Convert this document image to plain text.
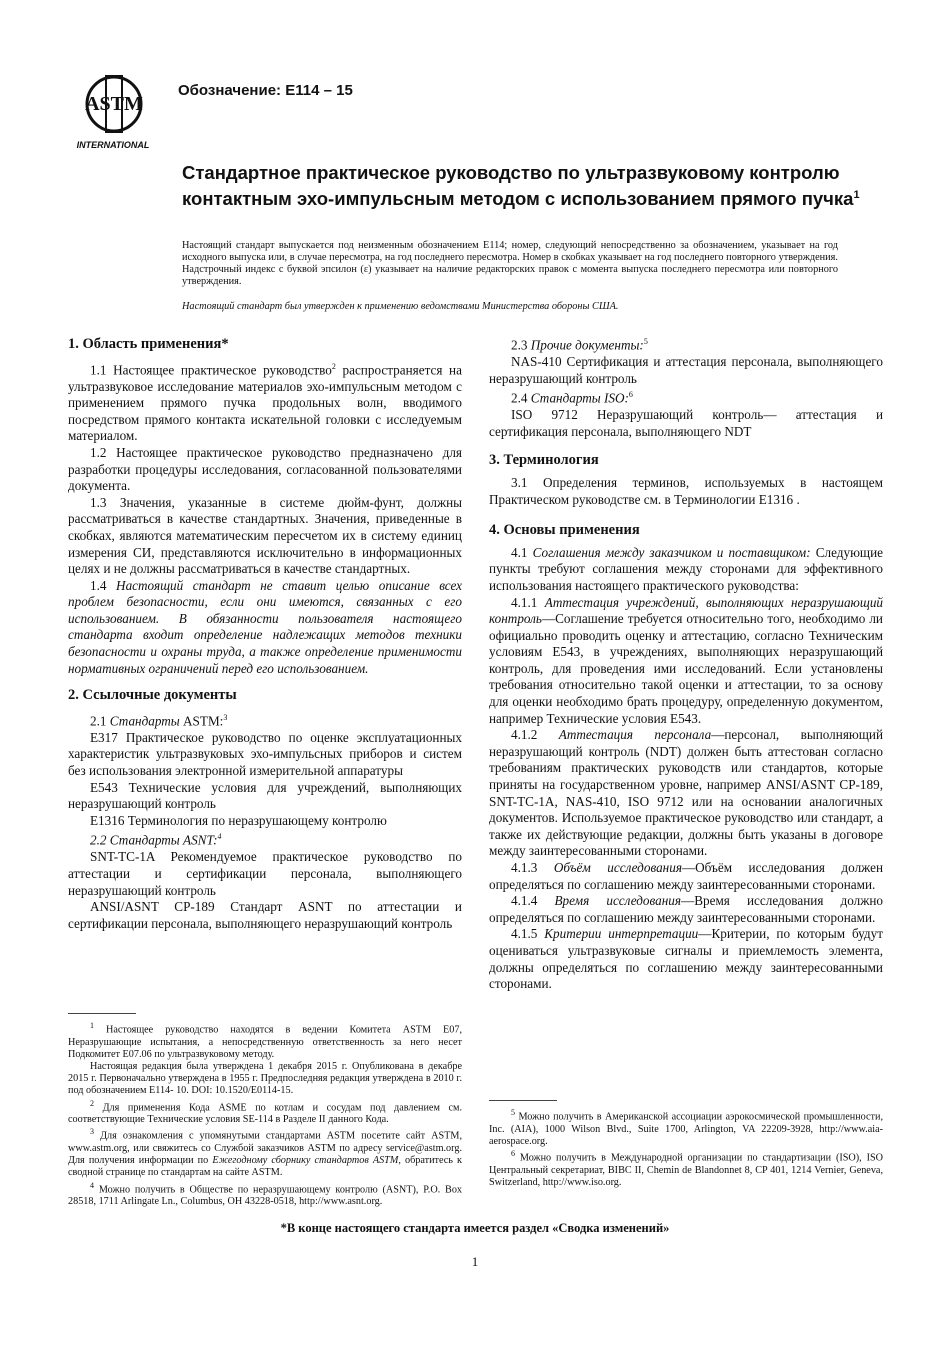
ASTM
INTERNATIONAL
Обозначение: E114 – 15
Стандартное практическое руководство по ультразвуковому контролю контактным эхо-импульсным методом с использованием прямого пучка$^1$
Настоящий стандарт выпускается под неизменным обозначением E114; номер, следующий непосредственно за обозначением, указывает на год исходного выпуска или, в случае пересмотра, на год последнего пересмотра. Номер в скобках указывает на год последнего повторного утверждения. Надстрочный индекс с буквой эпсилон (ε) указывает на наличие редакторских правок с момента выпуска последнего пересмотра или повторного утверждения.
Настоящий стандарт был утвержден к применению ведомствами Министерства обороны США.
1. Область применения*

1.1 Настоящее практическое руководство$^2$ распространяется на ультразвуковое исследование материалов эхо-импульсным методом с применением прямого пучка продольных волн, вводимого посредством прямого контакта искательной головки с исследуемым материалом.

1.2 Настоящее практическое руководство предназначено для разработки процедуры исследования, согласованной пользователями документа.

1.3 Значения, указанные в системе дюйм-фунт, должны рассматриваться в качестве стандартных. Значения, приведенные в скобках, являются математическим пересчетом их в систему единиц измерения СИ, представляются исключительно в информационных целях и не должны рассматриваться в качестве стандартных.

1.4 Настоящий стандарт не ставит целью описание всех проблем безопасности, если они имеются, связанных с его использованием. В обязанности пользователя настоящего стандарта входит определение надлежащих методов техники безопасности и охраны труда, а также определение применимости нормативных ограничений перед его использованием.

2. Ссылочные документы

2.1 Стандарты ASTM:$^3$

E317 Практическое руководство по оценке эксплуатационных характеристик ультразвуковых эхо-импульсных приборов и систем без использования электронной измерительной аппаратуры

E543 Технические условия для учреждений, выполняющих неразрушающий контроль

E1316 Терминология по неразрушающему контролю

2.2 Стандарты ASNT:$^4$

SNT-TC-1A Рекомендуемое практическое руководство по аттестации и сертификации персонала, выполняющего неразрушающий контроль

ANSI/ASNT CP-189 Стандарт ASNT по аттестации и сертификации персонала, выполняющего неразрушающий контроль

$^1$ Настоящее руководство находятся в ведении Комитета ASTM E07, Неразрушающие испытания, а непосредственную ответственность за него несет Подкомитет E07.06 по ультразвуковому методу.

Настоящая редакция была утверждена 1 декабря 2015 г. Опубликована в декабре 2015 г. Первоначально утверждена в 1955 г. Предпоследняя редакция утверждена в 2010 г. под обозначением E114- 10. DOI: 10.1520/E0114-15.

$^2$ Для применения Кода ASME по котлам и сосудам под давлением см. соответствующие Технические условия SE-114 в Разделе II данного Кода.

$^3$ Для ознакомления с упомянутыми стандартами ASTM посетите сайт ASTM, www.astm.org, или свяжитесь со Службой заказчиков ASTM по адресу service@astm.org. Для получения информации по Ежегодному сборнику стандартов ASTM, обратитесь к сводной странице по стандартам на сайте ASTM.

$^4$ Можно получить в Обществе по неразрушающему контролю (ASNT), P.O. Box 28518, 1711 Arlingate Ln., Columbus, OH 43228-0518, http://www.asnt.org.

2.3 Прочие документы:$^5$

NAS-410 Сертификация и аттестация персонала, выполняющего неразрушающий контроль

2.4 Стандарты ISO:$^6$

ISO 9712 Неразрушающий контроль— аттестация и сертификация персонала, выполняющего NDT

3. Терминология

3.1 Определения терминов, используемых в настоящем Практическом руководстве см. в Терминологии E1316 .

4. Основы применения

4.1 Соглашения между заказчиком и поставщиком: Следующие пункты требуют соглашения между сторонами для эффективного использования настоящего практического руководства:

4.1.1 Аттестация учреждений, выполняющих неразрушающий контроль—Соглашение требуется относительно того, необходимо ли официально проводить оценку и аттестацию, согласно Техническим условиям E543, в учреждениях, выполняющих неразрушающий контроль, для проведения ими исследований. Если установлены требования относительно такой оценки и аттестации, то за основу для оценки необходимо брать процедуру, определенную документом, например Технические условия E543.

4.1.2 Аттестация персонала—персонал, выполняющий неразрушающий контроль (NDT) должен быть аттестован согласно требованиям практических руководств или стандартов, которые приняты на государственном уровне, например ANSI/ASNT CP-189, SNT-TC-1A, NAS-410, ISO 9712 или на основании аналогичных документов. Используемое практическое руководство или стандарт, а также их действующие редакции, должны быть указаны в договоре между заинтересованными сторонами.

4.1.3 Объём исследования—Объём исследования должен определяться по соглашению между заинтересованными сторонами.

4.1.4 Время исследования—Время исследования должно определяться по соглашению между заинтересованными сторонами.

4.1.5 Критерии интерпретации—Критерии, по которым будут оцениваться ультразвуковые сигналы и приемлемость элемента, должны определяться по соглашению между заинтересованными сторонами.

$^5$ Можно получить в Американской ассоциации аэрокосмической промышленности, Inc. (AIA), 1000 Wilson Blvd., Suite 1700, Arlington, VA 22209-3928, http://www.aia-aerospace.org.

$^6$ Можно получить в Международной организации по стандартизации (ISO), ISO Центральный секретариат, BIBC II, Chemin de Blandonnet 8, CP 401, 1214 Vernier, Geneva, Switzerland, http://www.iso.org.

*В конце настоящего стандарта имеется раздел «Сводка изменений»
1
